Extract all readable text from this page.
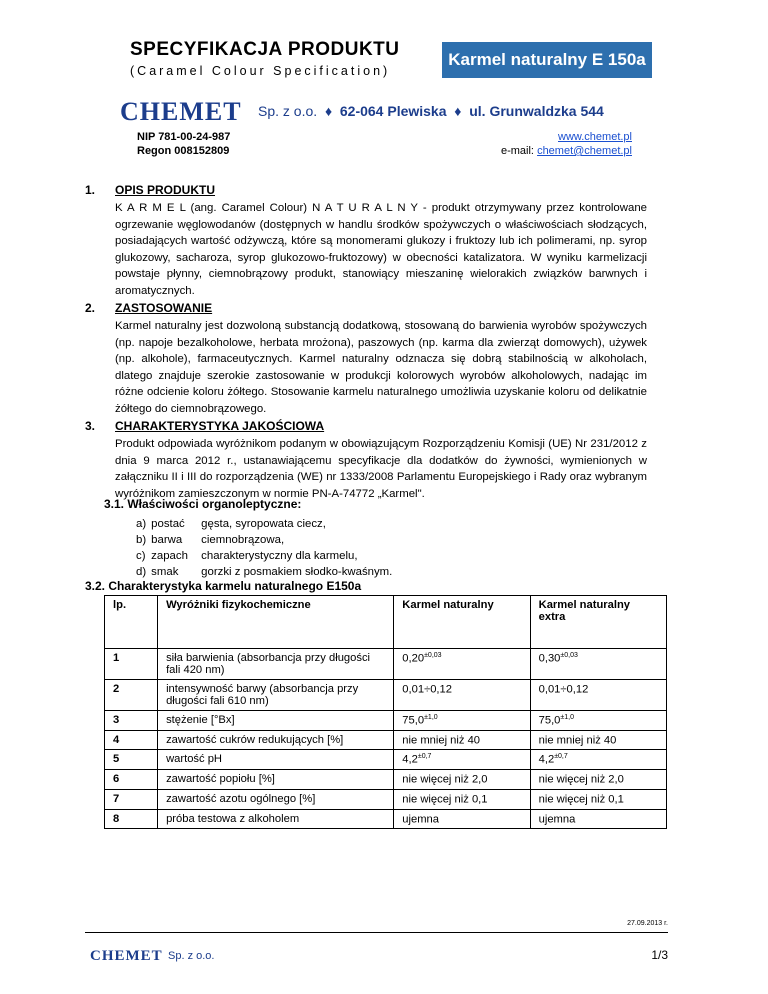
SPECYFIKACJA PRODUKTU
(Caramel Colour Specification)
Karmel naturalny E 150a
CHEMET Sp. z o.o. ♦ 62-064 Plewiska ♦ ul. Grunwaldzka 544
NIP 781-00-24-987
Regon 008152809
www.chemet.pl
e-mail: chemet@chemet.pl
1. OPIS PRODUKTU
K A R M E L (ang. Caramel Colour) N A T U R A L N Y - produkt otrzymywany przez kontrolowane ogrzewanie węglowodanów (dostępnych w handlu środków spożywczych o właściwościach słodzących, posiadających wartość odżywczą, które są monomerami glukozy i fruktozy lub ich polimerami, np. syrop glukozowy, sacharoza, syrop glukozowo-fruktozowy) w obecności katalizatora. W wyniku karmelizacji powstaje płynny, ciemnobrązowy produkt, stanowiący mieszaninę wielorakich związków barwnych i aromatycznych.
2. ZASTOSOWANIE
Karmel naturalny jest dozwoloną substancją dodatkową, stosowaną do barwienia wyrobów spożywczych (np. napoje bezalkoholowe, herbata mrożona), paszowych (np. karma dla zwierząt domowych), używek (np. alkohole), farmaceutycznych. Karmel naturalny odznacza się dobrą stabilnością w alkoholach, dlatego znajduje szerokie zastosowanie w produkcji kolorowych wyrobów alkoholowych, nadając im różne odcienie koloru żółtego. Stosowanie karmelu naturalnego umożliwia uzyskanie koloru od delikatnie żółtego do ciemnobrązowego.
3. CHARAKTERYSTYKA JAKOŚCIOWA
Produkt odpowiada wyróżnikom podanym w obowiązującym Rozporządzeniu Komisji (UE) Nr 231/2012 z dnia 9 marca 2012 r., ustanawiającemu specyfikacje dla dodatków do żywności, wymienionych w załączniku II i III do rozporządzenia (WE) nr 1333/2008 Parlamentu Europejskiego i Rady oraz wybranym wyróżnikom zamieszczonym w normie PN-A-74772 „Karmel".
3.1. Właściwości organoleptyczne:
a)
postać	gęsta, syropowata ciecz,
b)
barwa	ciemnobrązowa,
c)
zapach	charakterystyczny dla karmelu,
d)
smak	gorzki z posmakiem słodko-kwaśnym.
3.2. Charakterystyka karmelu naturalnego E150a
lp.	Wyróżniki fizykochemiczne	Karmel naturalny	Karmel naturalny extra
1	siła barwienia (absorbancja przy długości fali 420 nm)	$0,20^{\pm 0,03}$	$0,30^{\pm 0,03}$
2	intensywność barwy (absorbancja przy długości fali 610 nm)	0,01÷0,12	0,01÷0,12
3	stężenie [°Bx]	$75,0^{\pm 1,0}$	$75,0^{\pm 1,0}$
4	zawartość cukrów redukujących [%]	nie mniej niż 40	nie mniej niż 40
5	wartość pH	$4,2^{\pm 0,7}$	$4,2^{\pm 0,7}$
6	zawartość popiołu [%]	nie więcej niż 2,0	nie więcej niż 2,0
7	zawartość azotu ogólnego [%]	nie więcej niż 0,1	nie więcej niż 0,1
8	próba testowa z alkoholem	ujemna	ujemna
27.09.2013 r.
CHEMET Sp. z o.o.	1/3
